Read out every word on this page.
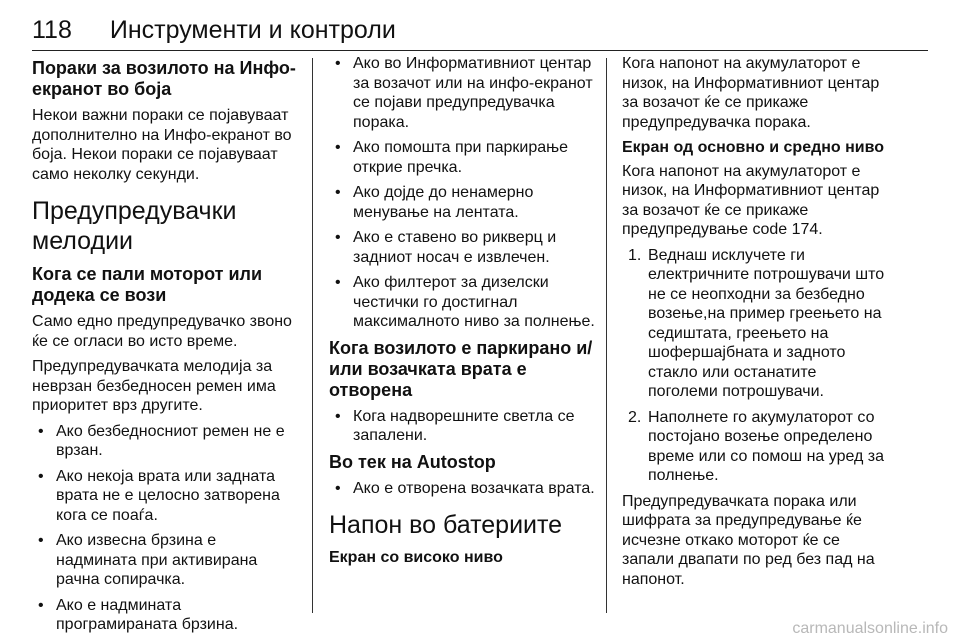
118 Инструменти и контроли
Пораки за возилото на Инфо-екранот во боја

Некои важни пораки се појавуваат дополнително на Инфо-екранот во боја. Некои пораки се појавуваат само неколку секунди.

Предупредувачки мелодии
Кога се пали моторот или додека се вози

Само едно предупредувачко звоно ќе се огласи во исто време.

Предупредувачката мелодија за неврзан безбедносен ремен има приоритет врз другите.

• Ако безбедносниот ремен не е врзан.
• Ако некоја врата или задната врата не е целосно затворена кога се поаѓа.
• Ако извесна брзина е надминатa при активирана рачна сопирачка.
• Ако е надминатa програмираната брзина.
• Ако во Информативниот центар за возачот или на инфо-екранот се појави предупредувачка порака.
• Ако помошта при паркирање открие пречка.
• Ако дојде до ненамерно менување на лентата.
• Ако е ставено во рикверц и задниот носач е извлечен.
• Ако филтерот за дизелски честички го достигнал максималното ниво за полнење.
Кога возилото е паркирано и/или возачката врата е отворена
• Кога надворешните светла се запалени.
Во тек на Autostop
• Ако е отворена возачката врата.
Напон во батериите
Екран со високо ниво

Кога напонот на акумулаторот е низок, на Информативниот центар за возачот ќе се прикаже предупредувачка порака.

Екран од основно и средно ниво

Кога напонот на акумулаторот е низок, на Информативниот центар за возачот ќе се прикаже предупредување code 174.

1. Веднаш исклучете ги електричните потрошувачи што не се неопходни за безбедно возење,на пример греењето на седиштата, греењето на шофершајбната и задното стакло или останатите поголеми потрошувачи.
2. Наполнете го акумулаторот со постојано возење определено време или со помош на уред за полнење.

Предупредувачката порака или шифрата за предупредување ќе исчезне откако моторот ќе се запали двапати по ред без пад на напонот.

carmanualsonline.info
